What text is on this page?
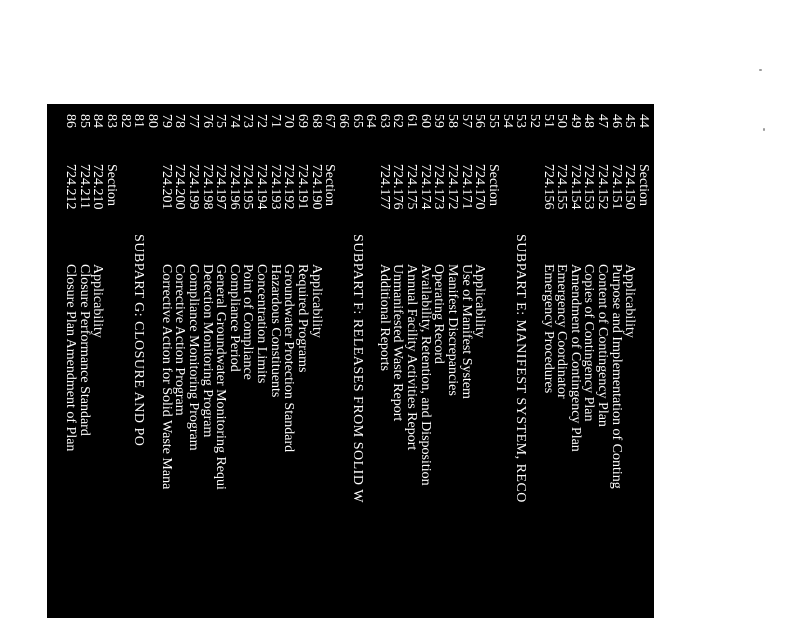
44
Section
45
724.150
Applicability
46
724.151
Purpose and Implementation of Conting
47
724.152
Content of Contingency Plan
48
724.153
Copies of Contingency Plan
49
724.154
Amendment of Contingency Plan
50
724.155
Emergency Coordinator
51
724.156
Emergency Procedures
52
53
SUBPART E: MANIFEST SYSTEM, RECO
54
55
Section
56
724.170
Applicability
57
724.171
Use of Manifest System
58
724.172
Manifest Discrepancies
59
724.173
Operating Record
60
724.174
Availability, Retention, and Disposition
61
724.175
Annual Facility Activities Report
62
724.176
Unmanifested Waste Report
63
724.177
Additional Reports
64
65
SUBPART F: RELEASES FROM SOLID W
66
67
Section
68
724.190
Applicability
69
724.191
Required Programs
70
724.192
Groundwater Protection Standard
71
724.193
Hazardous Constituents
72
724.194
Concentration Limits
73
724.195
Point of Compliance
74
724.196
Compliance Period
75
724.197
General Groundwater Monitoring Requi
76
724.198
Detection Monitoring Program
77
724.199
Compliance Monitoring Program
78
724.200
Corrective Action Program
79
724.201
Corrective Action for Solid Waste Mana
80
81
SUBPART G: CLOSURE AND PO
82
83
Section
84
724.210
Applicability
85
724.211
Closure Performance Standard
86
724.212
Closure Plan Amendment of Plan
